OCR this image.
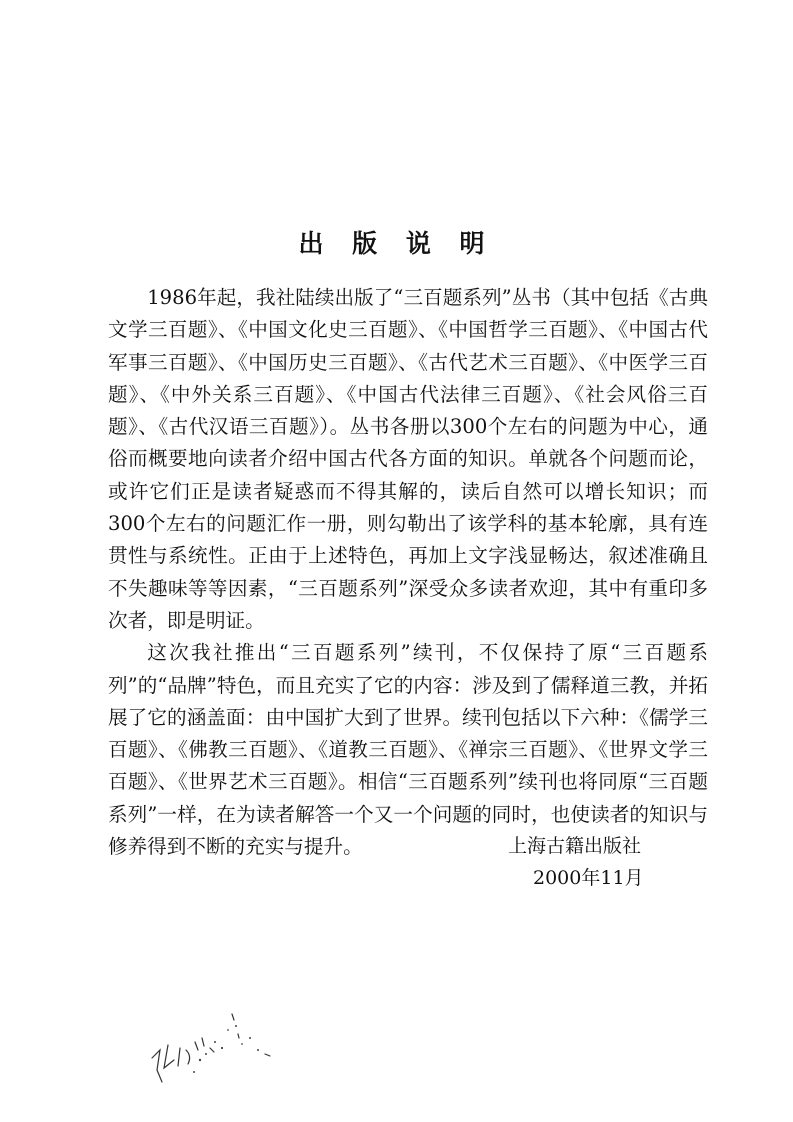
出 版 说 明

1986年起，我社陆续出版了“三百题系列”丛书（其中包括《古典文学三百题》、《中国文化史三百题》、《中国哲学三百题》、《中国古代军事三百题》、《中国历史三百题》、《古代艺术三百题》、《中医学三百题》、《中外关系三百题》、《中国古代法律三百题》、《社会风俗三百题》、《古代汉语三百题》）。丛书各册以300个左右的问题为中心，通俗而概要地向读者介绍中国古代各方面的知识。单就各个问题而论，或许它们正是读者疑惑而不得其解的，读后自然可以增长知识；而300个左右的问题汇作一册，则勾勒出了该学科的基本轮廓，具有连贯性与系统性。正由于上述特色，再加上文字浅显畅达，叙述准确且不失趣味等等因素，“三百题系列”深受众多读者欢迎，其中有重印多次者，即是明证。

这次我社推出“三百题系列”续刊，不仅保持了原“三百题系列”的“品牌”特色，而且充实了它的内容：涉及到了儒释道三教，并拓展了它的涵盖面：由中国扩大到了世界。续刊包括以下六种：《儒学三百题》、《佛教三百题》、《道教三百题》、《禅宗三百题》、《世界文学三百题》、《世界艺术三百题》。相信“三百题系列”续刊也将同原“三百题系列”一样，在为读者解答一个又一个问题的同时，也使读者的知识与修养得到不断的充实与提升。	上海古籍出版社
2000年11月
